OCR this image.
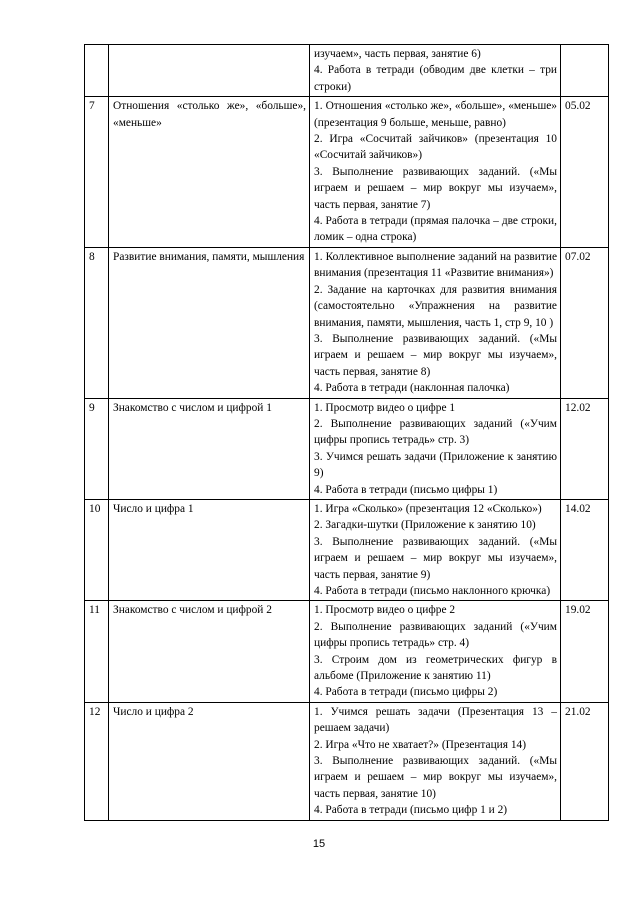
		изучаем», часть первая, занятие 6)
4. Работа в тетради (обводим две клетки – три строки)	

7	Отношения «столько же», «больше», «меньше»	1. Отношения «столько же», «больше», «меньше» (презентация 9 больше, меньше, равно)
2. Игра «Сосчитай зайчиков» (презентация 10 «Сосчитай зайчиков»)
3. Выполнение развивающих заданий. («Мы играем и решаем – мир вокруг мы изучаем», часть первая, занятие 7)
4. Работа в тетради (прямая палочка – две строки, ломик – одна строка)	05.02
8	Развитие внимания, памяти, мышления	1. Коллективное выполнение заданий на развитие внимания (презентация 11 «Развитие внимания»)
2. Задание на карточках для развития внимания (самостоятельно «Упражнения на развитие внимания, памяти, мышления, часть 1, стр 9, 10 )
3. Выполнение развивающих заданий. («Мы играем и решаем – мир вокруг мы изучаем», часть первая, занятие 8)
4. Работа в тетради (наклонная палочка)	07.02
9	Знакомство с числом и цифрой 1	1. Просмотр видео о цифре 1
2. Выполнение развивающих заданий («Учим цифры пропись тетрадь» стр. 3)
3. Учимся решать задачи (Приложение к занятию 9)
4. Работа в тетради (письмо цифры 1)	12.02
10	Число и цифра 1	1. Игра «Сколько» (презентация 12 «Сколько»)
2. Загадки-шутки (Приложение к занятию 10)
3. Выполнение развивающих заданий. («Мы играем и решаем – мир вокруг мы изучаем», часть первая, занятие 9)
4. Работа в тетради (письмо наклонного крючка)	14.02
11	Знакомство с числом и цифрой 2	1. Просмотр видео о цифре 2
2. Выполнение развивающих заданий («Учим цифры пропись тетрадь» стр. 4)
3. Строим дом из геометрических фигур в альбоме (Приложение к занятию 11)
4. Работа в тетради (письмо цифры 2)	19.02
12	Число и цифра 2	1. Учимся решать задачи (Презентация 13 – решаем задачи)
2. Игра «Что не хватает?» (Презентация 14)
3. Выполнение развивающих заданий. («Мы играем и решаем – мир вокруг мы изучаем», часть первая, занятие 10)
4. Работа в тетради (письмо цифр 1 и 2)	21.02
15
